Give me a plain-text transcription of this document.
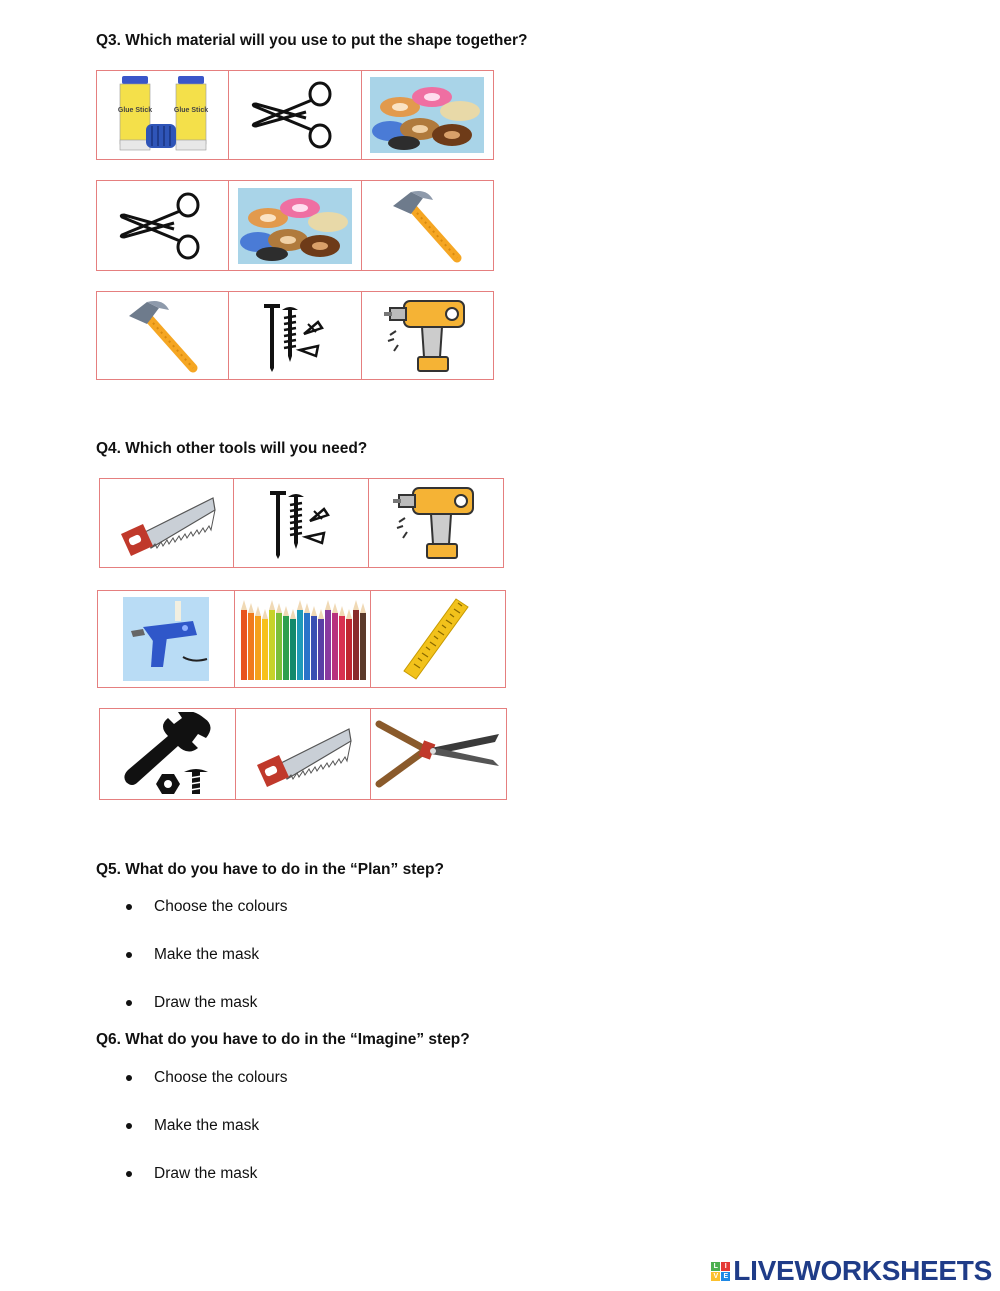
Q3. Which material will you use to put the shape together?

Glue Stick	Glue Stick

Q4. Which other tools will you need?

Q5. What do you have to do in the “Plan” step?

Choose the colours
Make the mask
Draw the mask

Q6. What do you have to do in the “Imagine” step?

Choose the colours
Make the mask
Draw the mask
L I
V E LIVEWORKSHEETS
